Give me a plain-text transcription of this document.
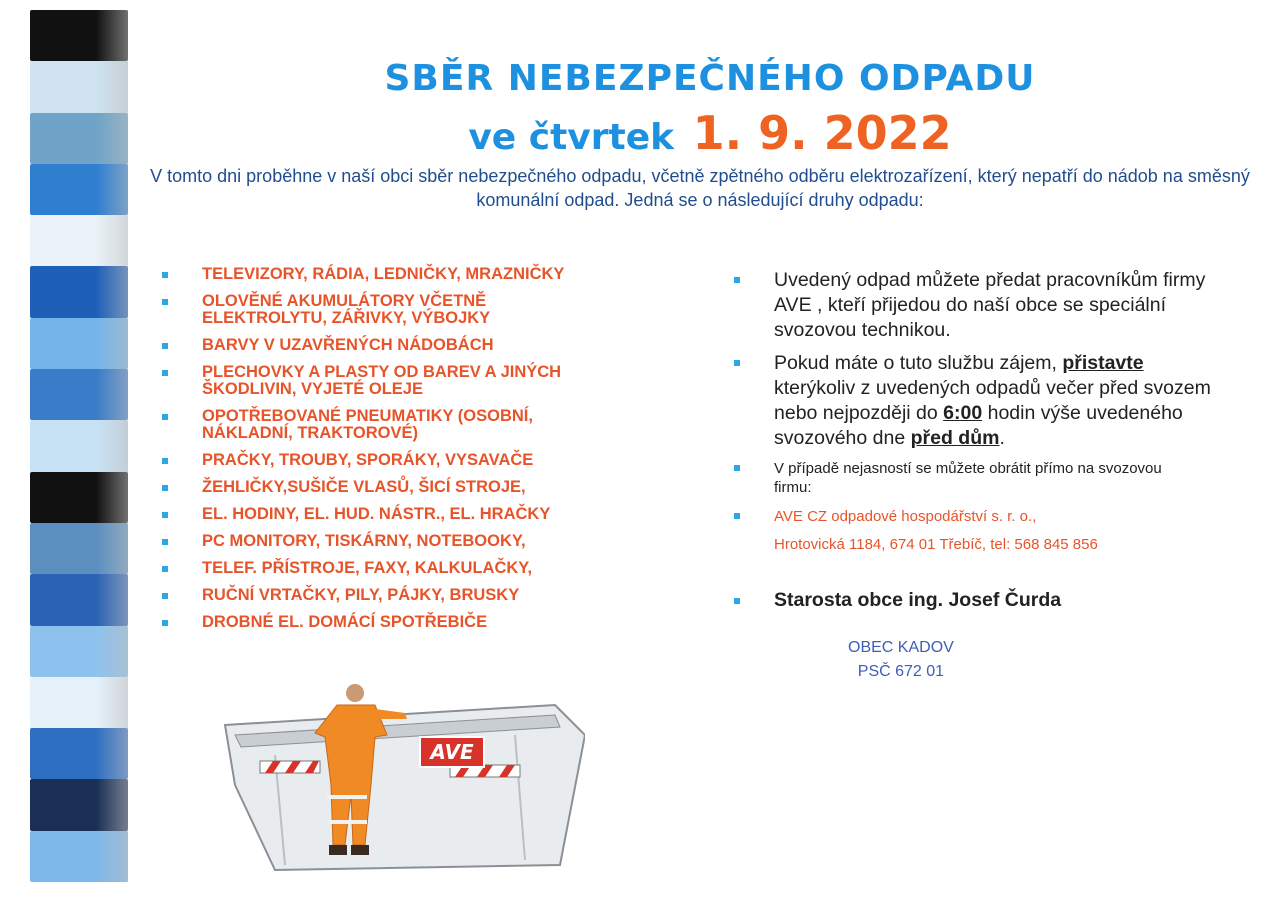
SBĚR NEBEZPEČNÉHO ODPADU
ve čtvrtek 1. 9. 2022

V tomto dni proběhne v naší obci sběr nebezpečného odpadu, včetně zpětného odběru elektrozařízení, který nepatří do nádob na směsný komunální odpad. Jedná se o následující druhy odpadu:

TELEVIZORY, RÁDIA, LEDNIČKY, MRAZNIČKY
OLOVĚNÉ AKUMULÁTORY VČETNĚ ELEKTROLYTU, ZÁŘIVKY, VÝBOJKY
BARVY V UZAVŘENÝCH NÁDOBÁCH
PLECHOVKY A PLASTY OD BAREV A JINÝCH ŠKODLIVIN, VYJETÉ OLEJE
OPOTŘEBOVANÉ PNEUMATIKY (OSOBNÍ, NÁKLADNÍ, TRAKTOROVÉ)
PRAČKY, TROUBY, SPORÁKY, VYSAVAČE
ŽEHLIČKY,SUŠIČE VLASŮ, ŠICÍ STROJE,
EL. HODINY, EL. HUD. NÁSTR., EL. HRAČKY
PC MONITORY, TISKÁRNY, NOTEBOOKY,
TELEF. PŘÍSTROJE, FAXY, KALKULAČKY,
RUČNÍ VRTAČKY, PILY, PÁJKY, BRUSKY
DROBNÉ EL. DOMÁCÍ SPOTŘEBIČE
Uvedený odpad můžete předat pracovníkům firmy AVE , kteří přijedou do naší obce se speciální svozovou technikou.
Pokud máte o tuto službu zájem, přistavte kterýkoliv z uvedených odpadů večer před svozem nebo nejpozději do 6:00 hodin výše uvedeného svozového dne před dům.
V případě nejasností se můžete obrátit přímo na svozovou firmu:
AVE CZ odpadové hospodářství s. r. o.,
Hrotovická 1184, 674 01 Třebíč, tel: 568 845 856
Starosta obce ing. Josef Čurda
OBEC KADOV
PSČ 672 01
AVE
